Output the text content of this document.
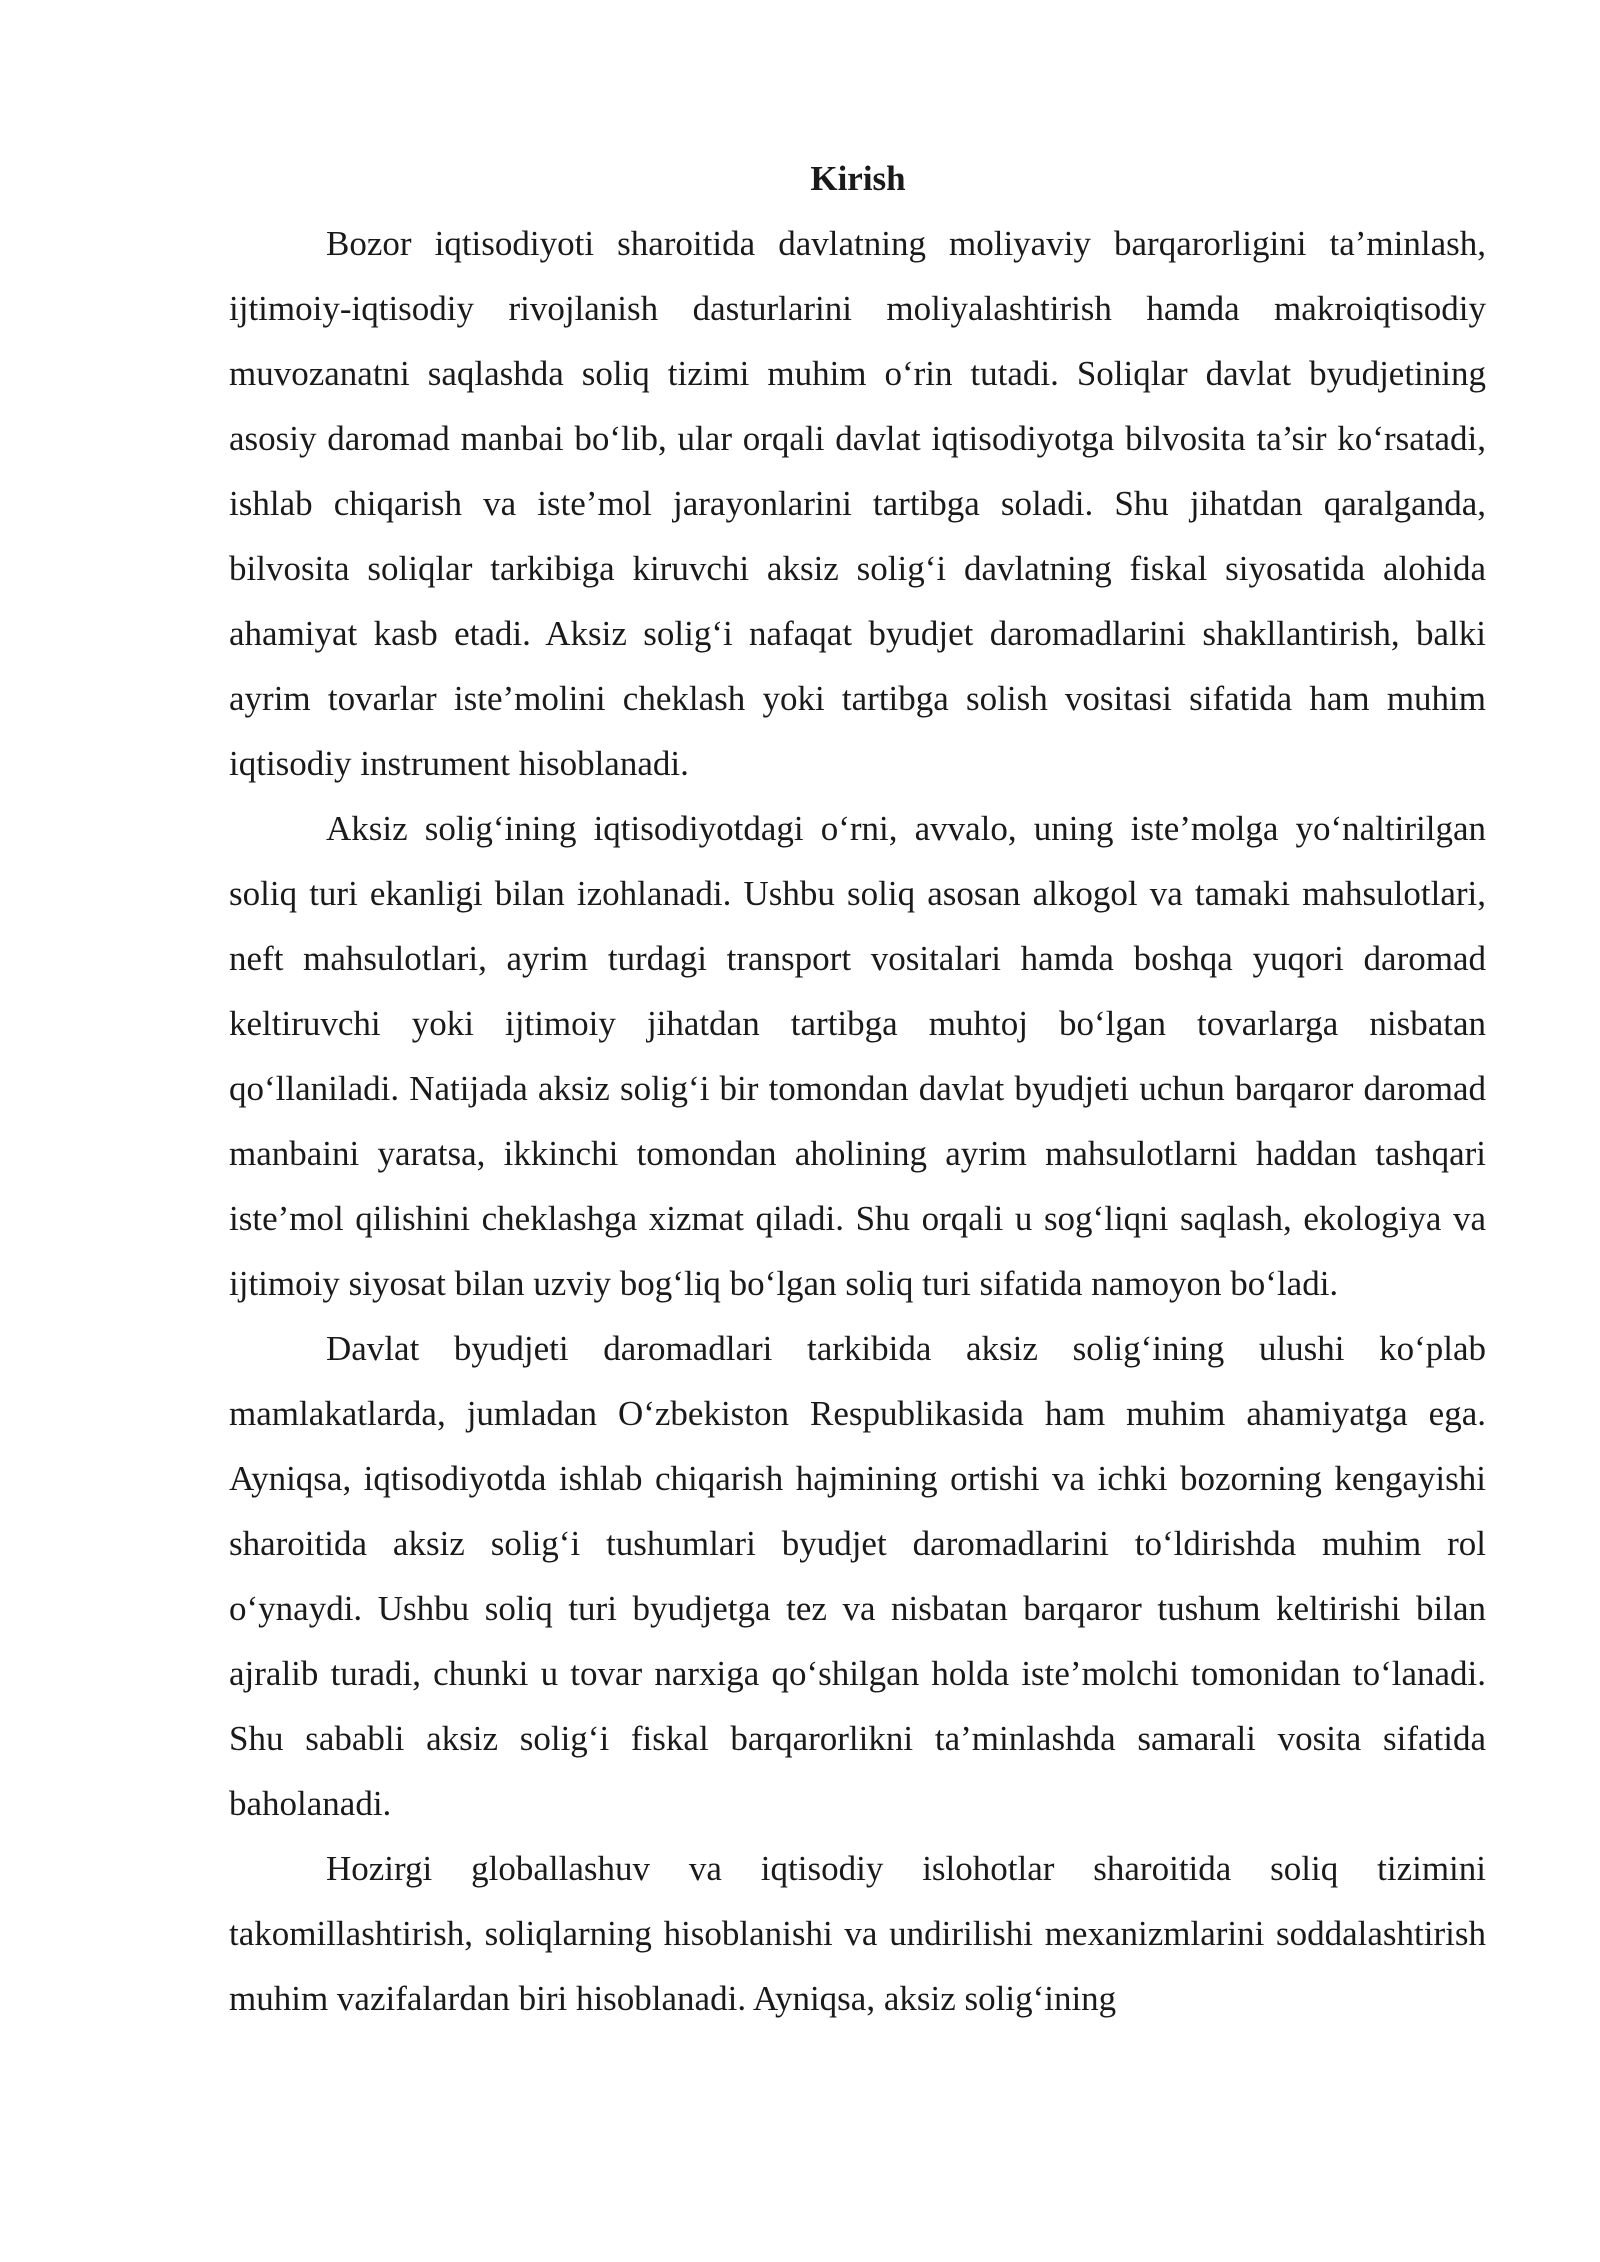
Kirish

Bozor iqtisodiyoti sharoitida davlatning moliyaviy barqarorligini ta’minlash, ijtimoiy-iqtisodiy rivojlanish dasturlarini moliyalashtirish hamda makroiqtisodiy muvozanatni saqlashda soliq tizimi muhim o‘rin tutadi. Soliqlar davlat byudjetining asosiy daromad manbai bo‘lib, ular orqali davlat iqtisodiyotga bilvosita ta’sir ko‘rsatadi, ishlab chiqarish va iste’mol jarayonlarini tartibga soladi. Shu jihatdan qaralganda, bilvosita soliqlar tarkibiga kiruvchi aksiz solig‘i davlatning fiskal siyosatida alohida ahamiyat kasb etadi. Aksiz solig‘i nafaqat byudjet daromadlarini shakllantirish, balki ayrim tovarlar iste’molini cheklash yoki tartibga solish vositasi sifatida ham muhim iqtisodiy instrument hisoblanadi.

Aksiz solig‘ining iqtisodiyotdagi o‘rni, avvalo, uning iste’molga yo‘naltirilgan soliq turi ekanligi bilan izohlanadi. Ushbu soliq asosan alkogol va tamaki mahsulotlari, neft mahsulotlari, ayrim turdagi transport vositalari hamda boshqa yuqori daromad keltiruvchi yoki ijtimoiy jihatdan tartibga muhtoj bo‘lgan tovarlarga nisbatan qo‘llaniladi. Natijada aksiz solig‘i bir tomondan davlat byudjeti uchun barqaror daromad manbaini yaratsa, ikkinchi tomondan aholining ayrim mahsulotlarni haddan tashqari iste’mol qilishini cheklashga xizmat qiladi. Shu orqali u sog‘liqni saqlash, ekologiya va ijtimoiy siyosat bilan uzviy bog‘liq bo‘lgan soliq turi sifatida namoyon bo‘ladi.

Davlat byudjeti daromadlari tarkibida aksiz solig‘ining ulushi ko‘plab mamlakatlarda, jumladan O‘zbekiston Respublikasida ham muhim ahamiyatga ega. Ayniqsa, iqtisodiyotda ishlab chiqarish hajmining ortishi va ichki bozorning kengayishi sharoitida aksiz solig‘i tushumlari byudjet daromadlarini to‘ldirishda muhim rol o‘ynaydi. Ushbu soliq turi byudjetga tez va nisbatan barqaror tushum keltirishi bilan ajralib turadi, chunki u tovar narxiga qo‘shilgan holda iste’molchi tomonidan to‘lanadi. Shu sababli aksiz solig‘i fiskal barqarorlikni ta’minlashda samarali vosita sifatida baholanadi.

Hozirgi globallashuv va iqtisodiy islohotlar sharoitida soliq tizimini takomillashtirish, soliqlarning hisoblanishi va undirilishi mexanizmlarini soddalashtirish muhim vazifalardan biri hisoblanadi. Ayniqsa, aksiz solig‘ining
